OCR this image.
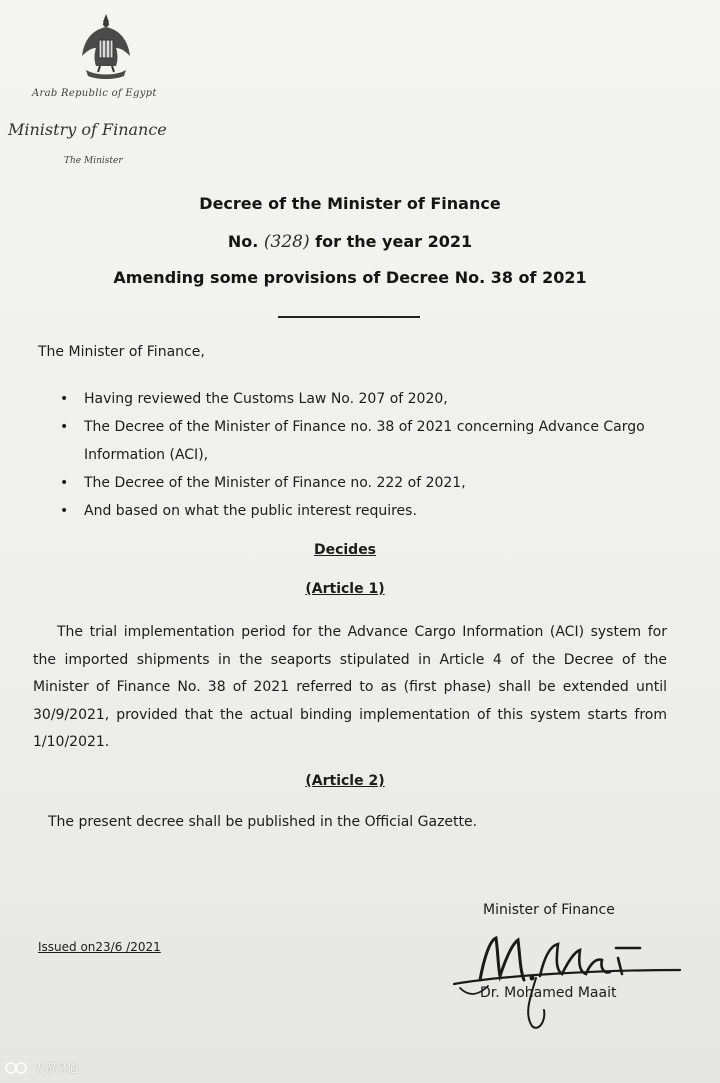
Arab Republic of Egypt
Ministry of Finance
The Minister
Decree of the Minister of Finance
No. (328) for the year 2021
Amending some provisions of Decree No. 38 of 2021
The Minister of Finance,
• Having reviewed the Customs Law No. 207 of 2020,
• The Decree of the Minister of Finance no. 38 of 2021 concerning Advance Cargo Information (ACI),
• The Decree of the Minister of Finance no. 222 of 2021,
• And based on what the public interest requires.
Decides
(Article 1)
The trial implementation period for the Advance Cargo Information (ACI) system for the imported shipments in the seaports stipulated in Article 4 of the Decree of the Minister of Finance No. 38 of 2021 referred to as (first phase) shall be extended until 30/9/2021, provided that the actual binding implementation of this system starts from 1/10/2021.
(Article 2)
The present decree shall be published in the Official Gazette.
Issued on23/6 /2021
Minister of Finance
Dr. Mohamed Maait
大贸易通
